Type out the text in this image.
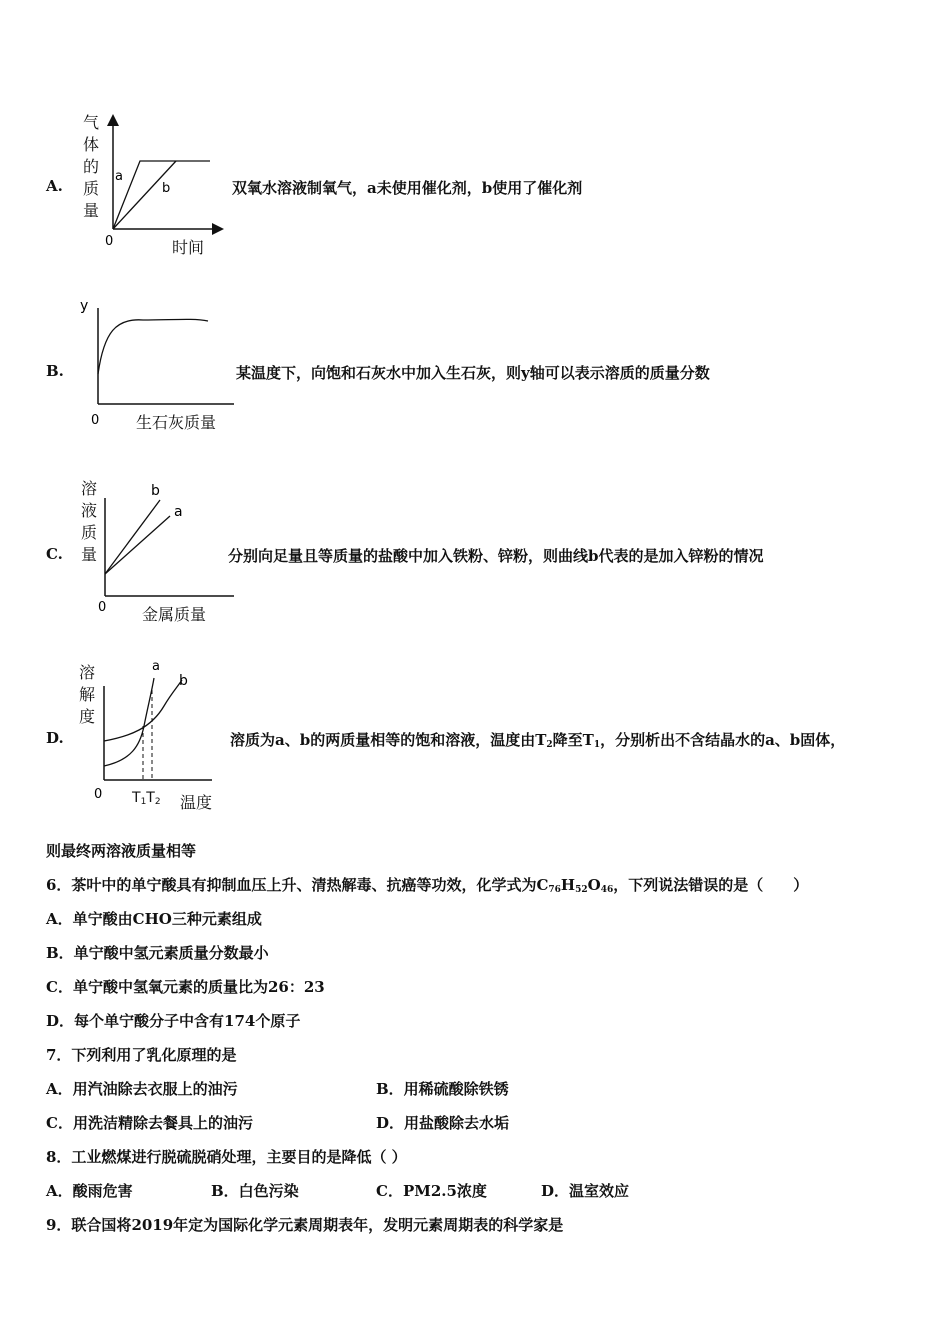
A.
气
体
的
质
量
a
b
0	时间
双氧水溶液制氧气，a未使用催化剂，b使用了催化剂
B.
y
0 生石灰质量
某温度下，向饱和石灰水中加入生石灰，则y轴可以表示溶质的质量分数
C.
溶
液
质
量
b
a
0 金属质量
分别向足量且等质量的盐酸中加入铁粉、锌粉，则曲线b代表的是加入锌粉的情况
D.
溶
解
度
a
b
0 $T_1T_2$ 温度
溶质为a、b的两质量相等的饱和溶液，温度由$T_2$降至$T_1$，分别析出不含结晶水的a、b固体，
则最终两溶液质量相等
6．茶叶中的单宁酸具有抑制血压上升、清热解毒、抗癌等功效，化学式为$C_{76}H_{52}O_{46}$，下列说法错误的是（　　）
A．单宁酸由CHO三种元素组成
B．单宁酸中氢元素质量分数最小
C．单宁酸中氢氧元素的质量比为26：23
D．每个单宁酸分子中含有174个原子
7．下列利用了乳化原理的是
A．用汽油除去衣服上的油污	B．用稀硫酸除铁锈
C．用洗洁精除去餐具上的油污	D．用盐酸除去水垢
8．工业燃煤进行脱硫脱硝处理，主要目的是降低（ ）
A．酸雨危害	B．白色污染	C．PM2.5浓度	D．温室效应
9．联合国将2019年定为国际化学元素周期表年，发明元素周期表的科学家是
